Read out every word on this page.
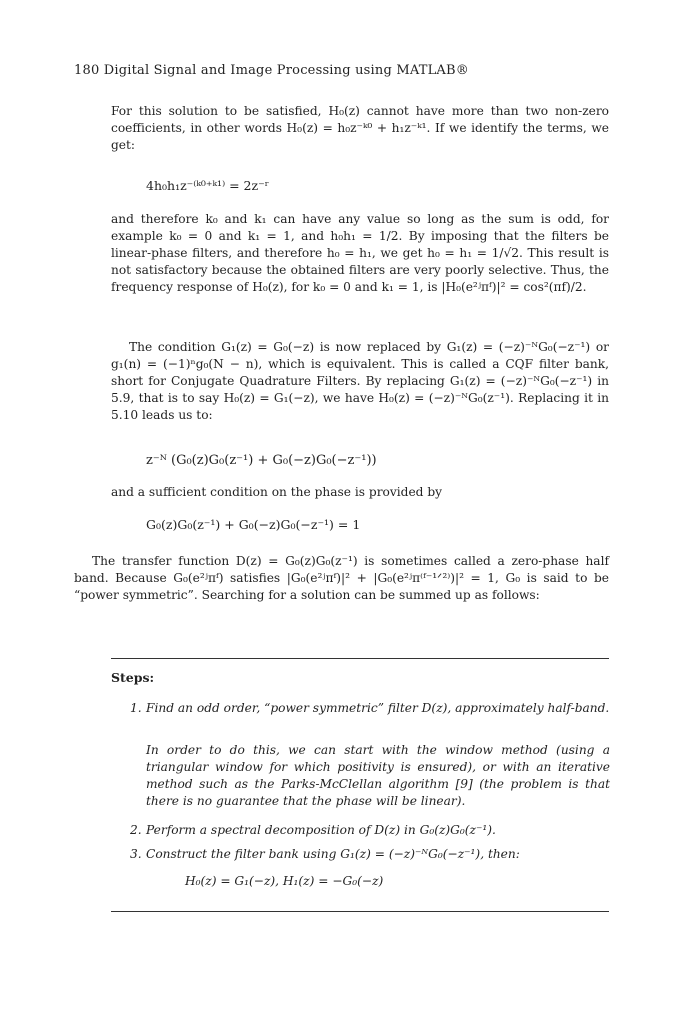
180 Digital Signal and Image Processing using MATLAB®
For this solution to be satisfied, H₀(z) cannot have more than two non-zero coefficients, in other words H₀(z) = h₀z⁻ᵏ⁰ + h₁z⁻ᵏ¹. If we identify the terms, we get:
4h₀h₁z⁻⁽ᵏ⁰⁺ᵏ¹⁾ = 2z⁻ʳ
and therefore k₀ and k₁ can have any value so long as the sum is odd, for example k₀ = 0 and k₁ = 1, and h₀h₁ = 1/2. By imposing that the filters be linear-phase filters, and therefore h₀ = h₁, we get h₀ = h₁ = 1/√2. This result is not satisfactory because the obtained filters are very poorly selective. Thus, the frequency response of H₀(z), for k₀ = 0 and k₁ = 1, is |H₀(e²ʲπᶠ)|² = cos²(πf)/2.
The condition G₁(z) = G₀(−z) is now replaced by G₁(z) = (−z)⁻ᴺG₀(−z⁻¹) or g₁(n) = (−1)ⁿg₀(N − n), which is equivalent. This is called a CQF filter bank, short for Conjugate Quadrature Filters. By replacing G₁(z) = (−z)⁻ᴺG₀(−z⁻¹) in 5.9, that is to say H₀(z) = G₁(−z), we have H₀(z) = (−z)⁻ᴺG₀(z⁻¹). Replacing it in 5.10 leads us to:
z⁻ᴺ (G₀(z)G₀(z⁻¹) + G₀(−z)G₀(−z⁻¹))
and a sufficient condition on the phase is provided by
G₀(z)G₀(z⁻¹) + G₀(−z)G₀(−z⁻¹) = 1
The transfer function D(z) = G₀(z)G₀(z⁻¹) is sometimes called a zero-phase half band. Because G₀(e²ʲπᶠ) satisfies |G₀(e²ʲπᶠ)|² + |G₀(e²ʲπ⁽ᶠ⁻¹ᐟ²⁾)|² = 1, G₀ is said to be “power symmetric”. Searching for a solution can be summed up as follows:
Steps:
1. Find an odd order, “power symmetric” filter D(z), approximately half-band.
In order to do this, we can start with the window method (using a triangular window for which positivity is ensured), or with an iterative method such as the Parks-McClellan algorithm [9] (the problem is that there is no guarantee that the phase will be linear).
2. Perform a spectral decomposition of D(z) in G₀(z)G₀(z⁻¹).
3. Construct the filter bank using G₁(z) = (−z)⁻ᴺG₀(−z⁻¹), then:
H₀(z) = G₁(−z), H₁(z) = −G₀(−z)
